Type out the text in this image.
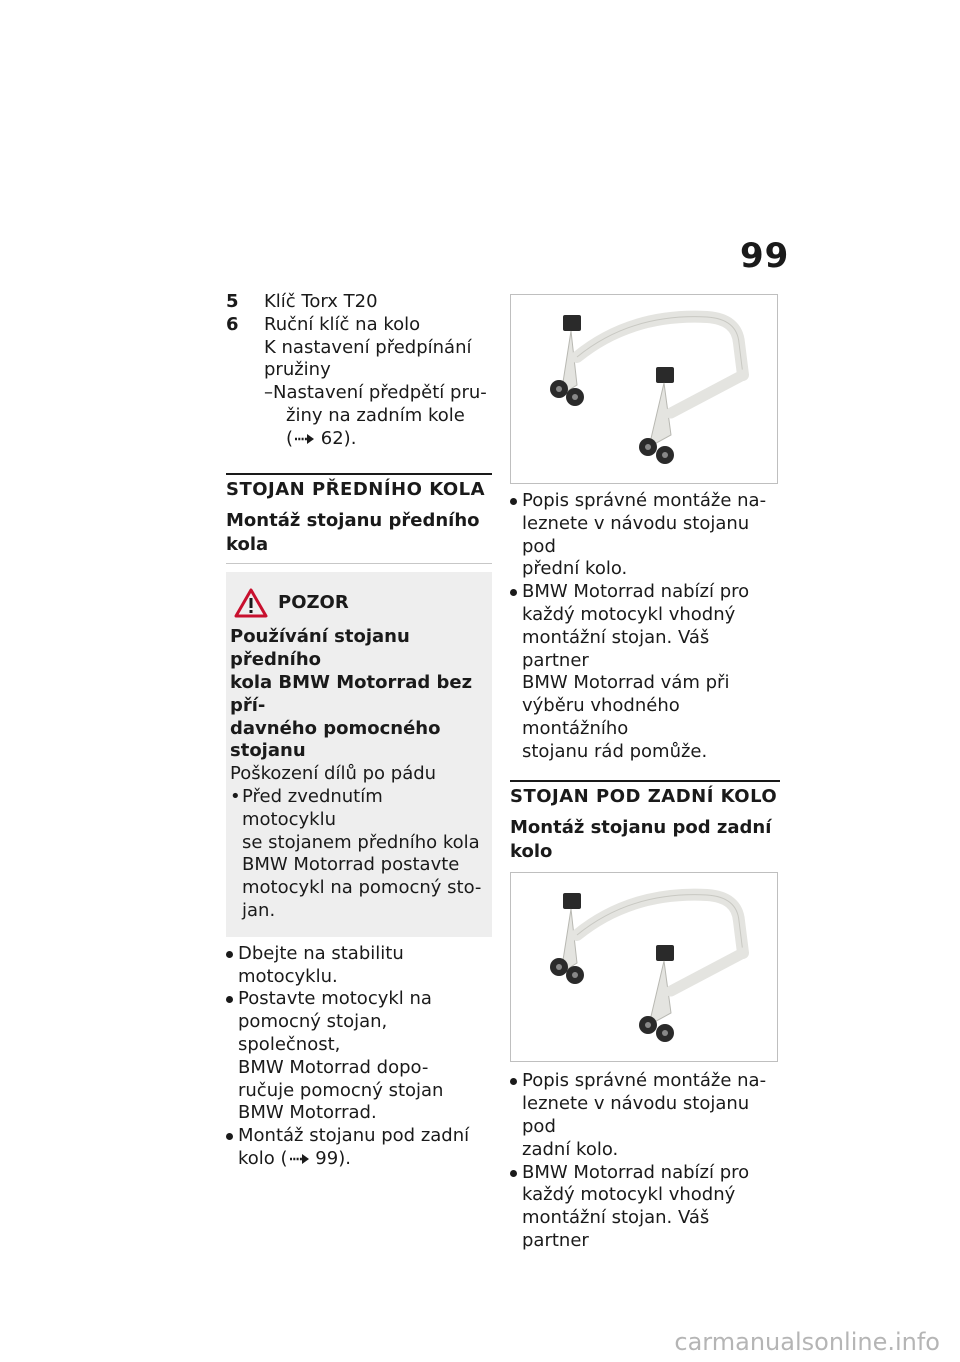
99
5	Klíč Torx T20
6	Ruční klíč na kolo
K nastavení předpínání
pružiny
–Nastavení předpětí pru-
žiny na zadním kole
( 62).
STOJAN PŘEDNÍHO KOLA
Montáž stojanu předního kola
POZOR
Používání stojanu předního
kola BMW Motorrad bez pří-
davného pomocného stojanu
Poškození dílů po pádu
• Před zvednutím motocyklu
se stojanem předního kola
BMW Motorrad postavte
motocykl na pomocný sto-
jan.
Dbejte na stabilitu motocyklu.
Postavte motocykl na
pomocný stojan, společnost,
BMW Motorrad dopo-
ručuje pomocný stojan
BMW Motorrad.
Montáž stojanu pod zadní
kolo ( 99).
Popis správné montáže na-
leznete v návodu stojanu pod
přední kolo.
BMW Motorrad nabízí pro
každý motocykl vhodný
montážní stojan. Váš partner
BMW Motorrad vám při
výběru vhodného montážního
stojanu rád pomůže.
STOJAN POD ZADNÍ KOLO
Montáž stojanu pod zadní
kolo
Popis správné montáže na-
leznete v návodu stojanu pod
zadní kolo.
BMW Motorrad nabízí pro
každý motocykl vhodný
montážní stojan. Váš partner
carmanualsonline.info
